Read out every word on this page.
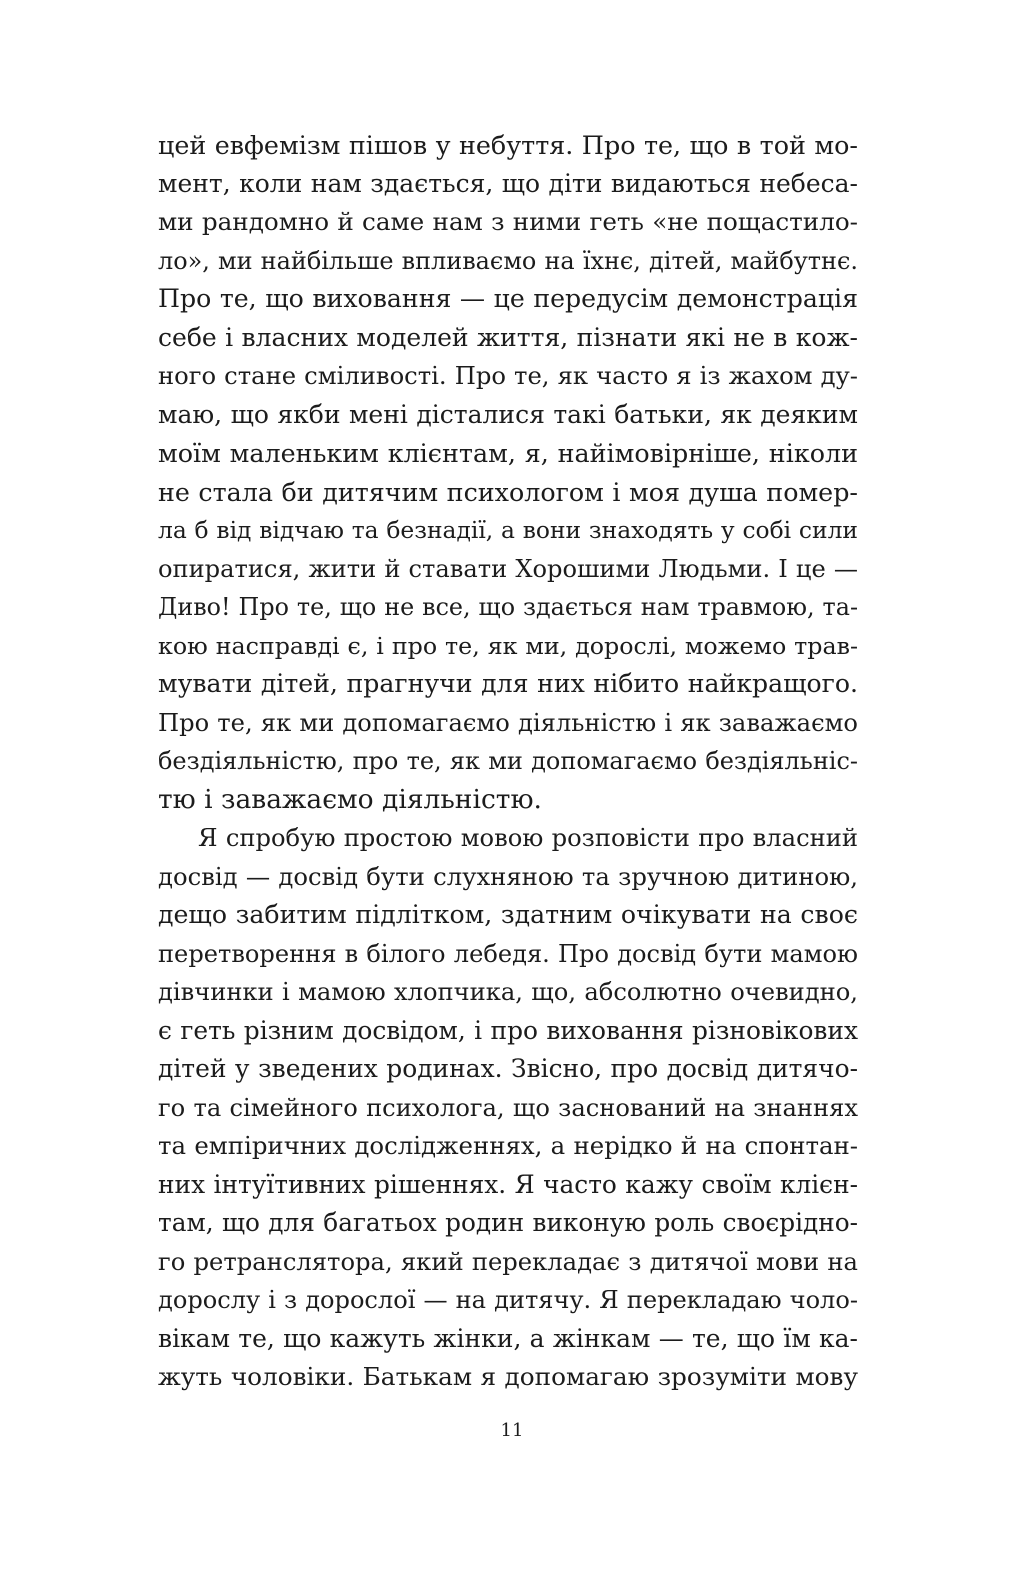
цей евфемізм пішов у небуття. Про те, що в той мо-
мент, коли нам здається, що діти видаються небеса-
ми рандомно й саме нам з ними геть «не пощастило-
ло», ми найбільше впливаємо на їхнє, дітей, майбутнє.
Про те, що виховання — це передусім демонстрація
себе і власних моделей життя, пізнати які не в кож-
ного стане сміливості. Про те, як часто я із жахом ду-
маю, що якби мені дісталися такі батьки, як деяким
моїм маленьким клієнтам, я, найімовірніше, ніколи
не стала би дитячим психологом і моя душа помер-
ла б від відчаю та безнадії, а вони знаходять у собі сили
опиратися, жити й ставати Хорошими Людьми. І це —
Диво! Про те, що не все, що здається нам травмою, та-
кою насправді є, і про те, як ми, дорослі, можемо трав-
мувати дітей, прагнучи для них нібито найкращого.
Про те, як ми допомагаємо діяльністю і як заважаємо
бездіяльністю, про те, як ми допомагаємо бездіяльніс-
тю і заважаємо діяльністю.
Я спробую простою мовою розповісти про власний
досвід — досвід бути слухняною та зручною дитиною,
дещо забитим підлітком, здатним очікувати на своє
перетворення в білого лебедя. Про досвід бути мамою
дівчинки і мамою хлопчика, що, абсолютно очевидно,
є геть різним досвідом, і про виховання різновікових
дітей у зведених родинах. Звісно, про досвід дитячо-
го та сімейного психолога, що заснований на знаннях
та емпіричних дослідженнях, а нерідко й на спонтан-
них інтуїтивних рішеннях. Я часто кажу своїм клієн-
там, що для багатьох родин виконую роль своєрідно-
го ретранслятора, який перекладає з дитячої мови на
дорослу і з дорослої — на дитячу. Я перекладаю чоло-
вікам те, що кажуть жінки, а жінкам — те, що їм ка-
жуть чоловіки. Батькам я допомагаю зрозуміти мову
11
